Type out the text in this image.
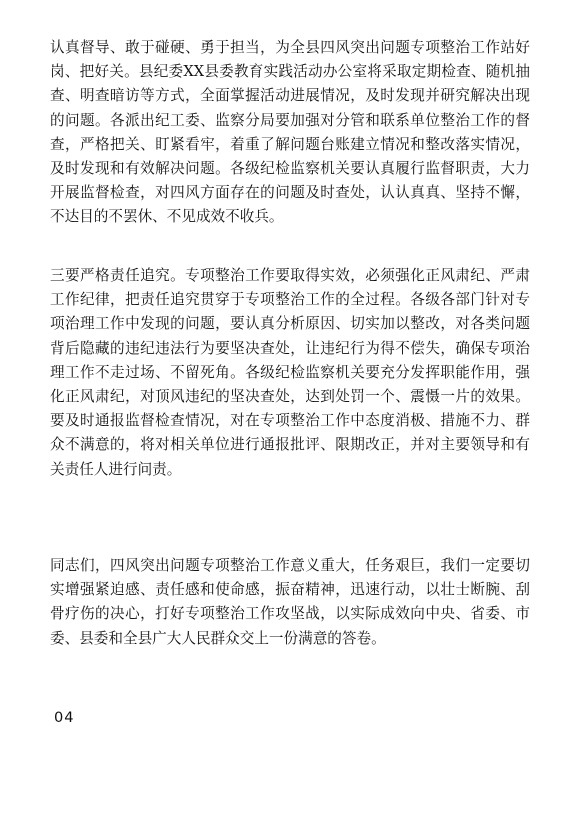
认真督导、敢于碰硬、勇于担当，为全县四风突出问题专项整治工作站好岗、把好关。县纪委XX县委教育实践活动办公室将采取定期检查、随机抽查、明查暗访等方式，全面掌握活动进展情况，及时发现并研究解决出现的问题。各派出纪工委、监察分局要加强对分管和联系单位整治工作的督查，严格把关、盯紧看牢，着重了解问题台账建立情况和整改落实情况，及时发现和有效解决问题。各级纪检监察机关要认真履行监督职责，大力开展监督检查，对四风方面存在的问题及时查处，认认真真、坚持不懈，不达目的不罢休、不见成效不收兵。

三要严格责任追究。专项整治工作要取得实效，必须强化正风肃纪、严肃工作纪律，把责任追究贯穿于专项整治工作的全过程。各级各部门针对专项治理工作中发现的问题，要认真分析原因、切实加以整改，对各类问题背后隐藏的违纪违法行为要坚决查处，让违纪行为得不偿失，确保专项治理工作不走过场、不留死角。各级纪检监察机关要充分发挥职能作用，强化正风肃纪，对顶风违纪的坚决查处，达到处罚一个、震慑一片的效果。要及时通报监督检查情况，对在专项整治工作中态度消极、措施不力、群众不满意的，将对相关单位进行通报批评、限期改正，并对主要领导和有关责任人进行问责。

同志们，四风突出问题专项整治工作意义重大，任务艰巨，我们一定要切实增强紧迫感、责任感和使命感，振奋精神，迅速行动，以壮士断腕、刮骨疗伤的决心，打好专项整治工作攻坚战，以实际成效向中央、省委、市委、县委和全县广大人民群众交上一份满意的答卷。

04
